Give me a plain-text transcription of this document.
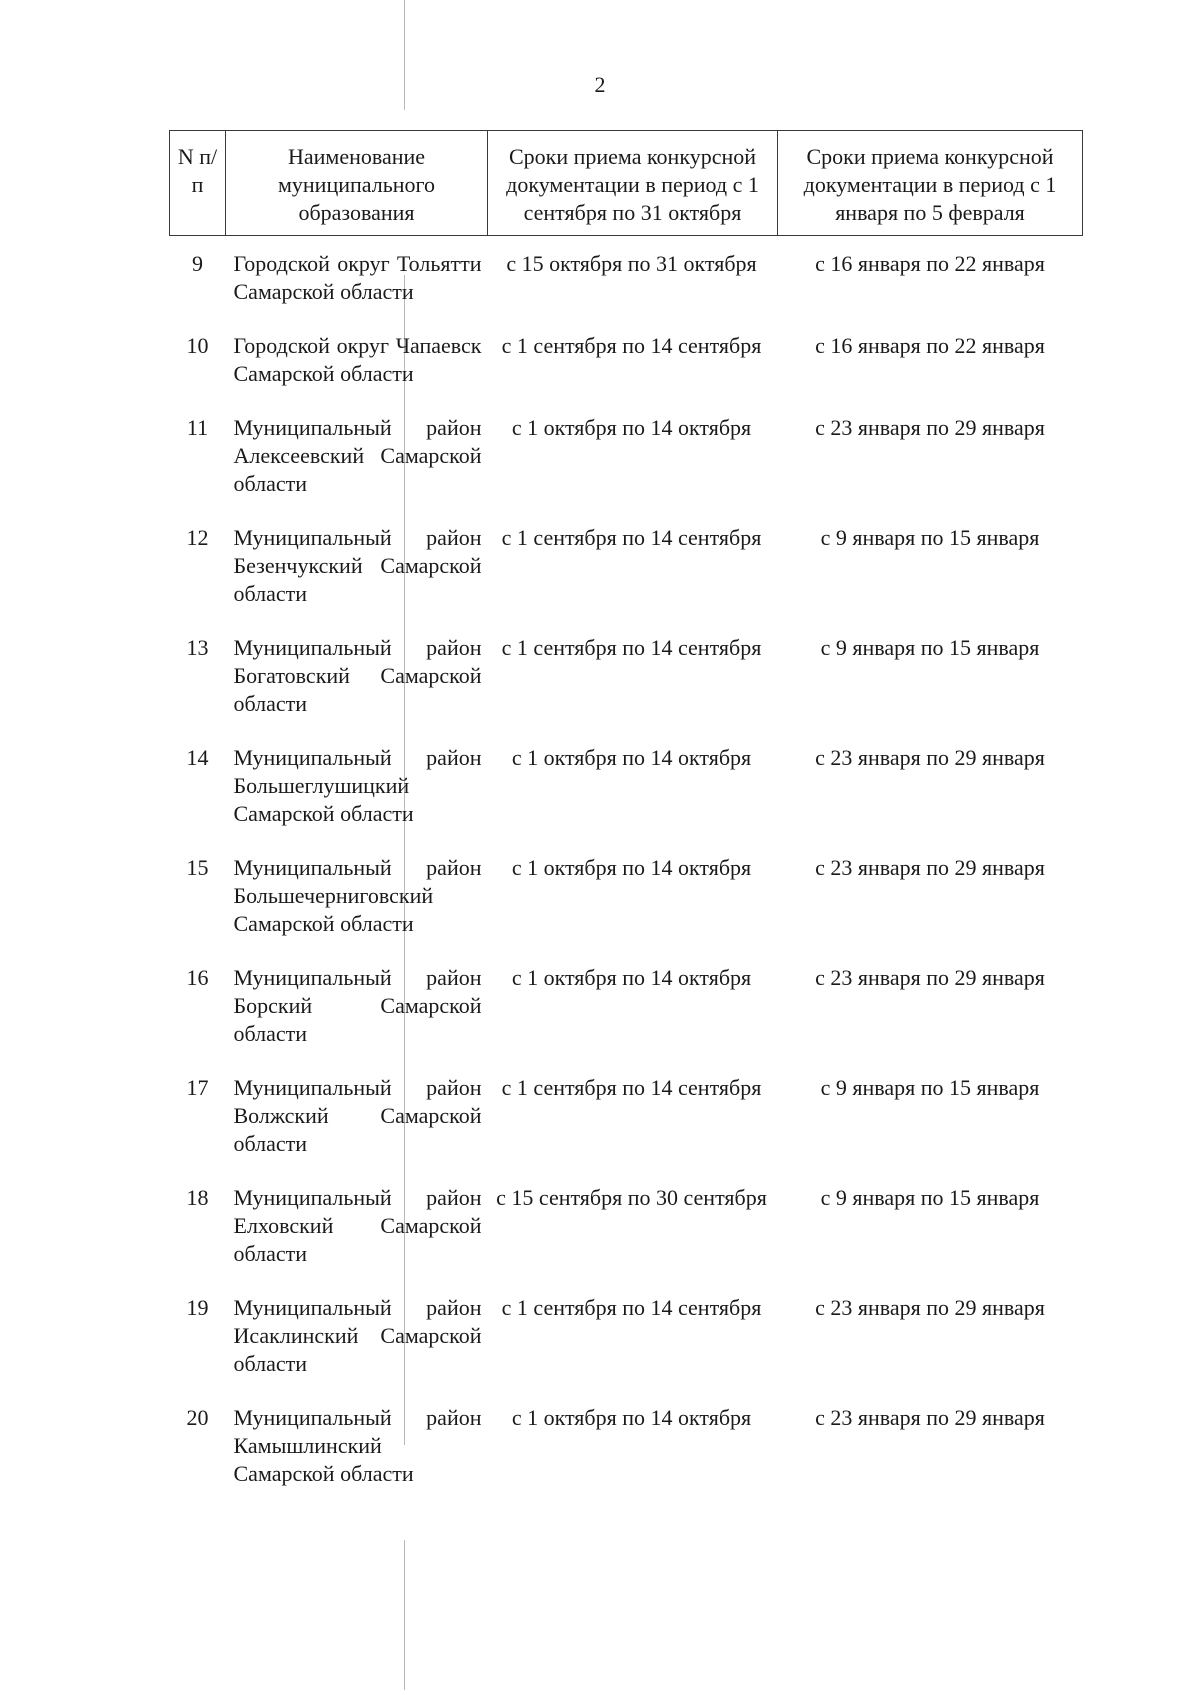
2
N п/п	Наименование муниципального образования	Сроки приема конкурсной документации в период с 1 сентября по 31 октября	Сроки приема конкурсной документации в период с 1 января по 5 февраля
9	Городской округ Тольятти Самарской области	с 15 октября по 31 октября	с 16 января по 22 января
10	Городской округ Чапаевск Самарской области	с 1 сентября по 14 сентября	с 16 января по 22 января
11	Муниципальный район Алексеевский Самарской области	с 1 октября по 14 октября	с 23 января по 29 января
12	Муниципальный район Безенчукский Самарской области	с 1 сентября по 14 сентября	с 9 января по 15 января
13	Муниципальный район Богатовский Самарской области	с 1 сентября по 14 сентября	с 9 января по 15 января
14	Муниципальный район Большеглушицкий Самарской области	с 1 октября по 14 октября	с 23 января по 29 января
15	Муниципальный район Большечерниговский Самарской области	с 1 октября по 14 октября	с 23 января по 29 января
16	Муниципальный район Борский Самарской области	с 1 октября по 14 октября	с 23 января по 29 января
17	Муниципальный район Волжский Самарской области	с 1 сентября по 14 сентября	с 9 января по 15 января
18	Муниципальный район Елховский Самарской области	с 15 сентября по 30 сентября	с 9 января по 15 января
19	Муниципальный район Исаклинский Самарской области	с 1 сентября по 14 сентября	с 23 января по 29 января
20	Муниципальный район Камышлинский Самарской области	с 1 октября по 14 октября	с 23 января по 29 января
